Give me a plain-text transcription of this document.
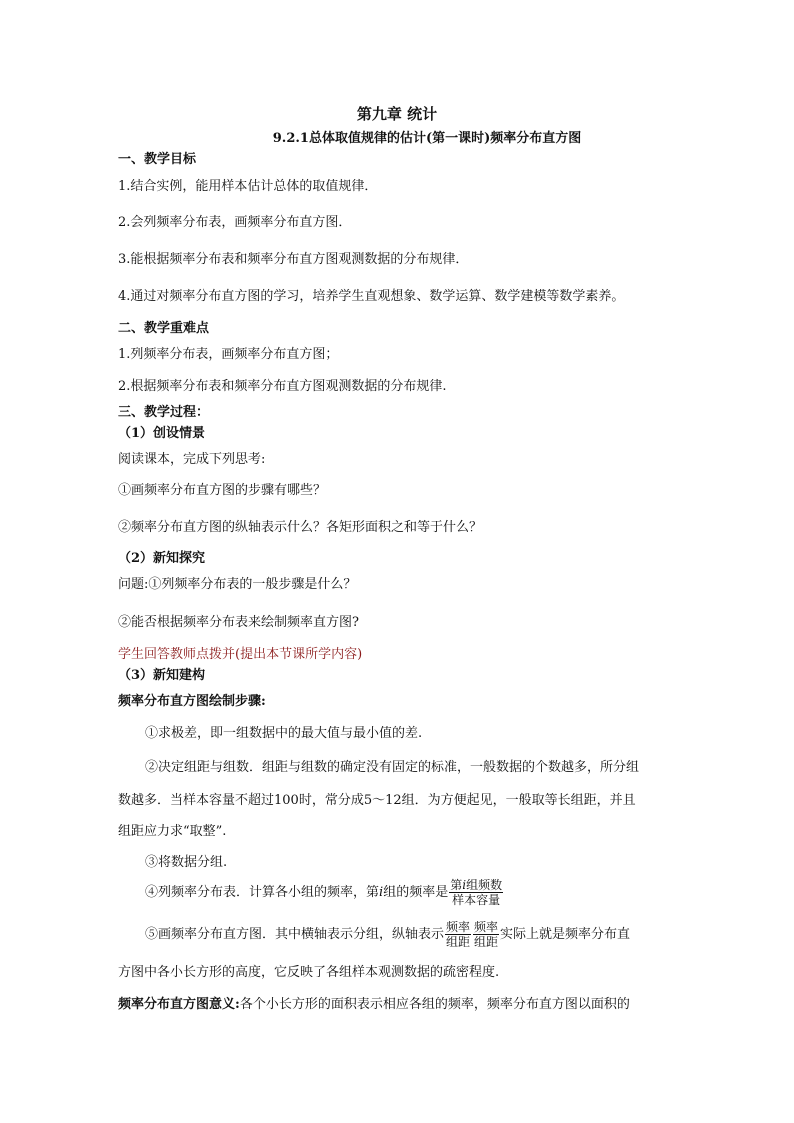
第九章 统计
9.2.1总体取值规律的估计(第一课时)频率分布直方图
一、教学目标
1.结合实例，能用样本估计总体的取值规律．
2.会列频率分布表，画频率分布直方图．
3.能根据频率分布表和频率分布直方图观测数据的分布规律．
4.通过对频率分布直方图的学习，培养学生直观想象、数学运算、数学建模等数学素养。
二、教学重难点
1.列频率分布表，画频率分布直方图；
2.根据频率分布表和频率分布直方图观测数据的分布规律.
三、教学过程：
（1）创设情景
阅读课本，完成下列思考:
①画频率分布直方图的步骤有哪些？
②频率分布直方图的纵轴表示什么？各矩形面积之和等于什么？
（2）新知探究
问题:①列频率分布表的一般步骤是什么？
②能否根据频率分布表来绘制频率直方图?
学生回答教师点拨并(提出本节课所学内容)
（3）新知建构
频率分布直方图绘制步骤:
①求极差，即一组数据中的最大值与最小值的差.
②决定组距与组数．组距与组数的确定没有固定的标准，一般数据的个数越多，所分组
数越多．当样本容量不超过100时，常分成5～12组．为方便起见，一般取等长组距，并且
组距应力求“取整”.
③将数据分组.
④列频率分布表．计算各小组的频率，第i组的频率是 $\frac{\text{第i组频数}}{\text{样本容量}}$
⑤画频率分布直方图．其中横轴表示分组，纵轴表示 $\frac{\text{频率}}{\text{组距}} \frac{\text{频率}}{\text{组距}}$ 实际上就是频率分布直
方图中各小长方形的高度，它反映了各组样本观测数据的疏密程度.
频率分布直方图意义:各个小长方形的面积表示相应各组的频率，频率分布直方图以面积的
